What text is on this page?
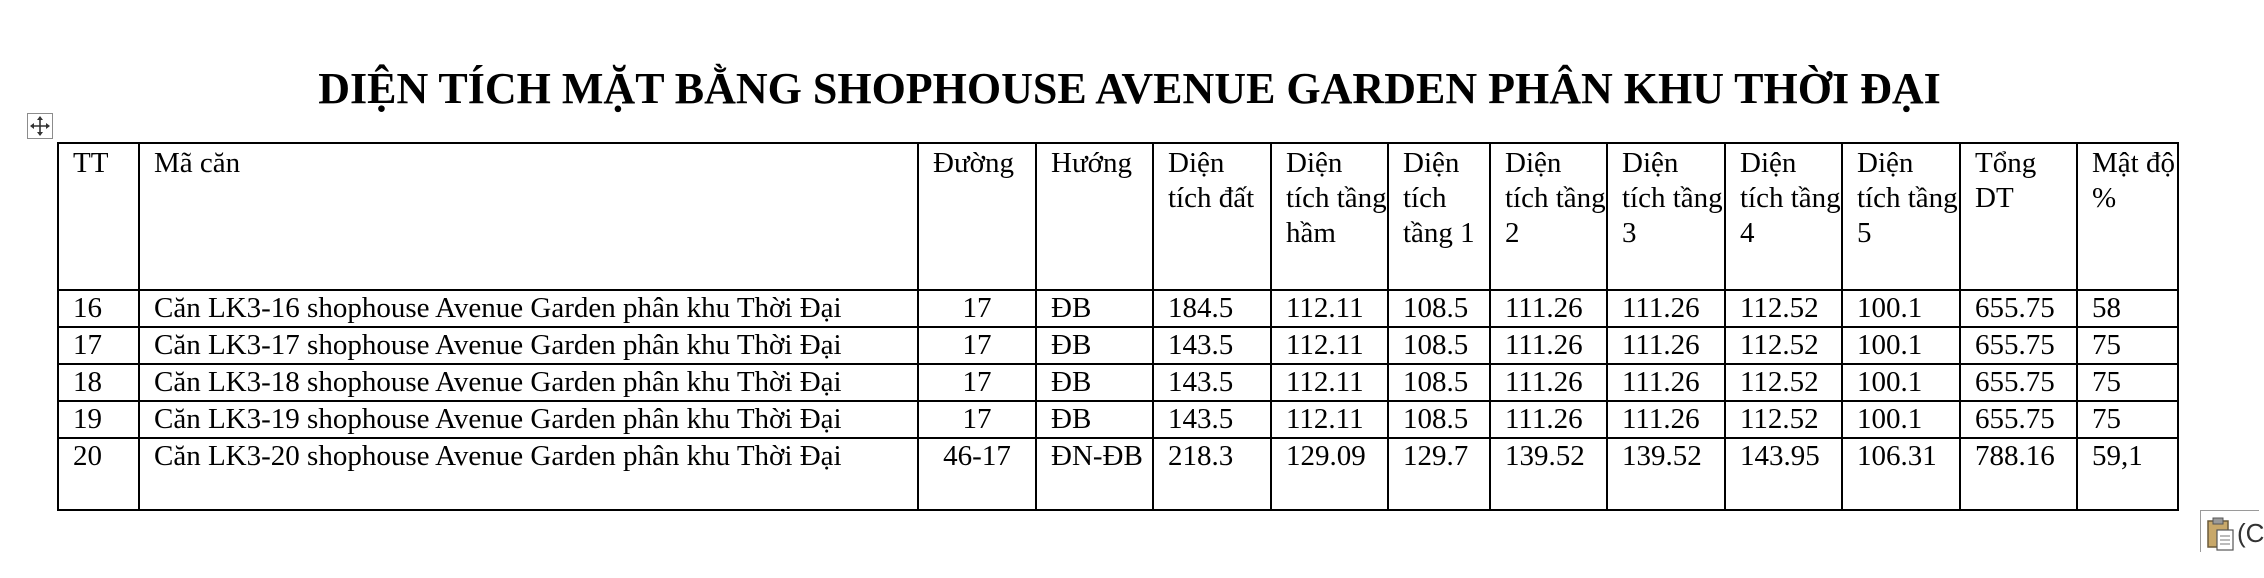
DIỆN TÍCH MẶT BẰNG SHOPHOUSE AVENUE GARDEN PHÂN KHU THỜI ĐẠI
TT	Mã căn	Đường	Hướng	Diện tích đất	Diện tích tầng hầm	Diện tích tầng 1	Diện tích tầng 2	Diện tích tầng 3	Diện tích tầng 4	Diện tích tầng 5	Tổng DT	Mật độ %
16	Căn LK3-16 shophouse Avenue Garden phân khu Thời Đại	17	ĐB	184.5	112.11	108.5	111.26	111.26	112.52	100.1	655.75	58
17	Căn LK3-17 shophouse Avenue Garden phân khu Thời Đại	17	ĐB	143.5	112.11	108.5	111.26	111.26	112.52	100.1	655.75	75
18	Căn LK3-18 shophouse Avenue Garden phân khu Thời Đại	17	ĐB	143.5	112.11	108.5	111.26	111.26	112.52	100.1	655.75	75
19	Căn LK3-19 shophouse Avenue Garden phân khu Thời Đại	17	ĐB	143.5	112.11	108.5	111.26	111.26	112.52	100.1	655.75	75
20	Căn LK3-20 shophouse Avenue Garden phân khu Thời Đại	46-17	ĐN-ĐB	218.3	129.09	129.7	139.52	139.52	143.95	106.31	788.16	59,1
(C
